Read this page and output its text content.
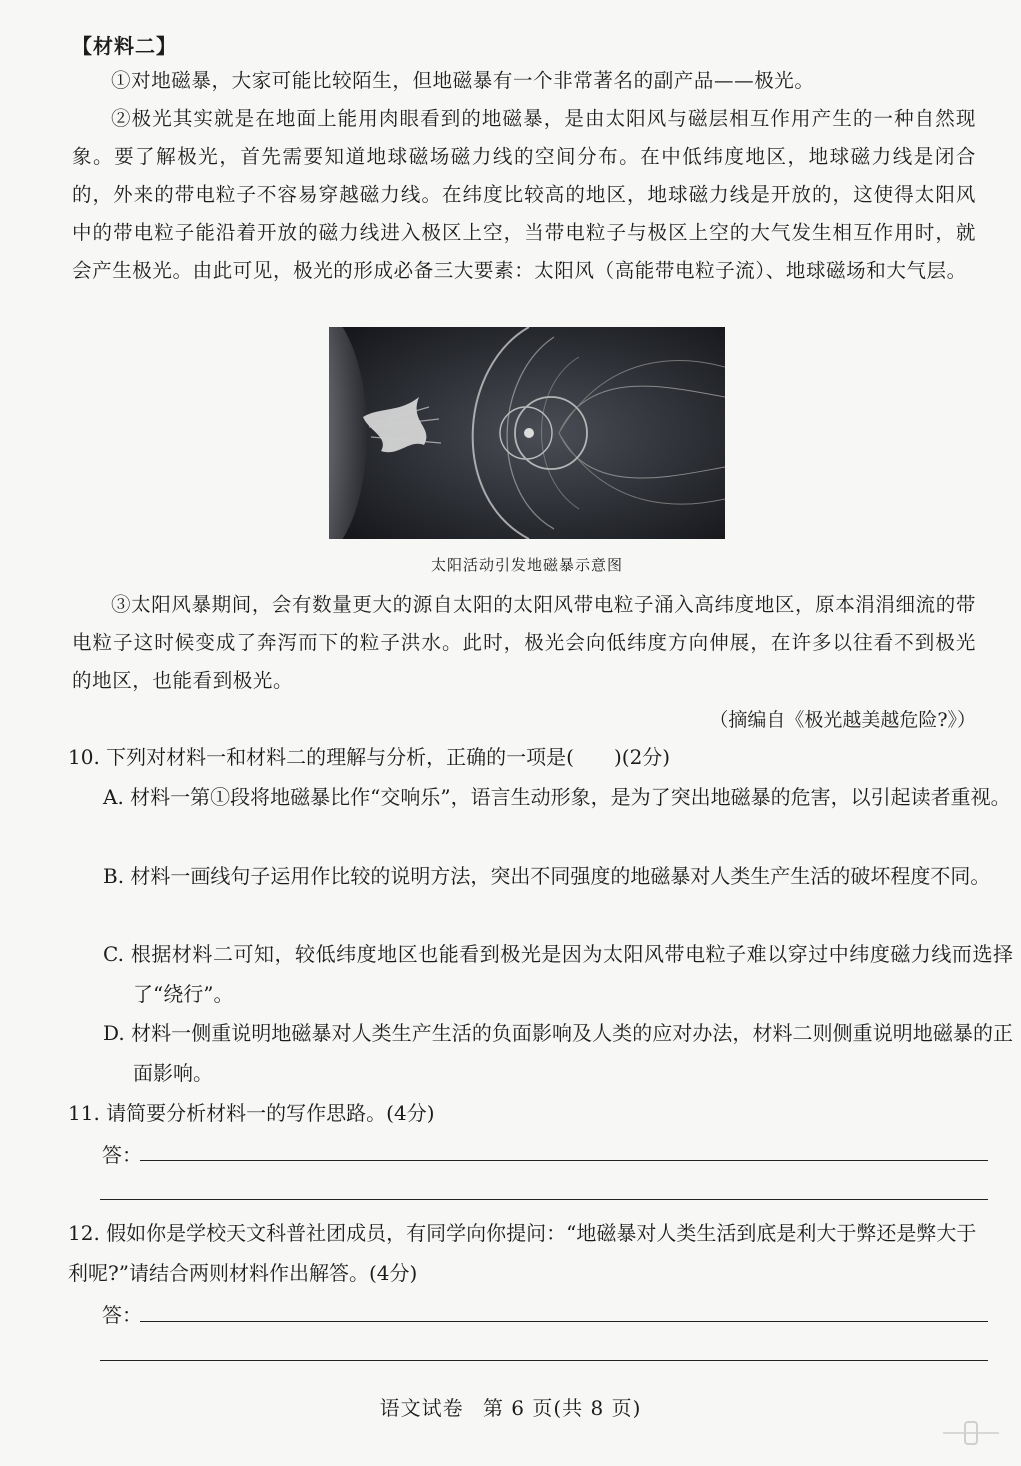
【材料二】

①对地磁暴，大家可能比较陌生，但地磁暴有一个非常著名的副产品——极光。

②极光其实就是在地面上能用肉眼看到的地磁暴，是由太阳风与磁层相互作用产生的一种自然现象。要了解极光，首先需要知道地球磁场磁力线的空间分布。在中低纬度地区，地球磁力线是闭合的，外来的带电粒子不容易穿越磁力线。在纬度比较高的地区，地球磁力线是开放的，这使得太阳风中的带电粒子能沿着开放的磁力线进入极区上空，当带电粒子与极区上空的大气发生相互作用时，就会产生极光。由此可见，极光的形成必备三大要素：太阳风（高能带电粒子流）、地球磁场和大气层。

太阳活动引发地磁暴示意图

③太阳风暴期间，会有数量更大的源自太阳的太阳风带电粒子涌入高纬度地区，原本涓涓细流的带电粒子这时候变成了奔泻而下的粒子洪水。此时，极光会向低纬度方向伸展，在许多以往看不到极光的地区，也能看到极光。

（摘编自《极光越美越危险?》）

10. 下列对材料一和材料二的理解与分析，正确的一项是(　　)(2分)

A. 材料一第①段将地磁暴比作“交响乐”，语言生动形象，是为了突出地磁暴的危害，以引起读者重视。

B. 材料一画线句子运用作比较的说明方法，突出不同强度的地磁暴对人类生产生活的破坏程度不同。

C. 根据材料二可知，较低纬度地区也能看到极光是因为太阳风带电粒子难以穿过中纬度磁力线而选择了“绕行”。

D. 材料一侧重说明地磁暴对人类生产生活的负面影响及人类的应对办法，材料二则侧重说明地磁暴的正面影响。

11. 请简要分析材料一的写作思路。(4分)

答：

12. 假如你是学校天文科普社团成员，有同学向你提问：“地磁暴对人类生活到底是利大于弊还是弊大于利呢?”请结合两则材料作出解答。(4分)

答：
语文试卷 第 6 页(共 8 页)
